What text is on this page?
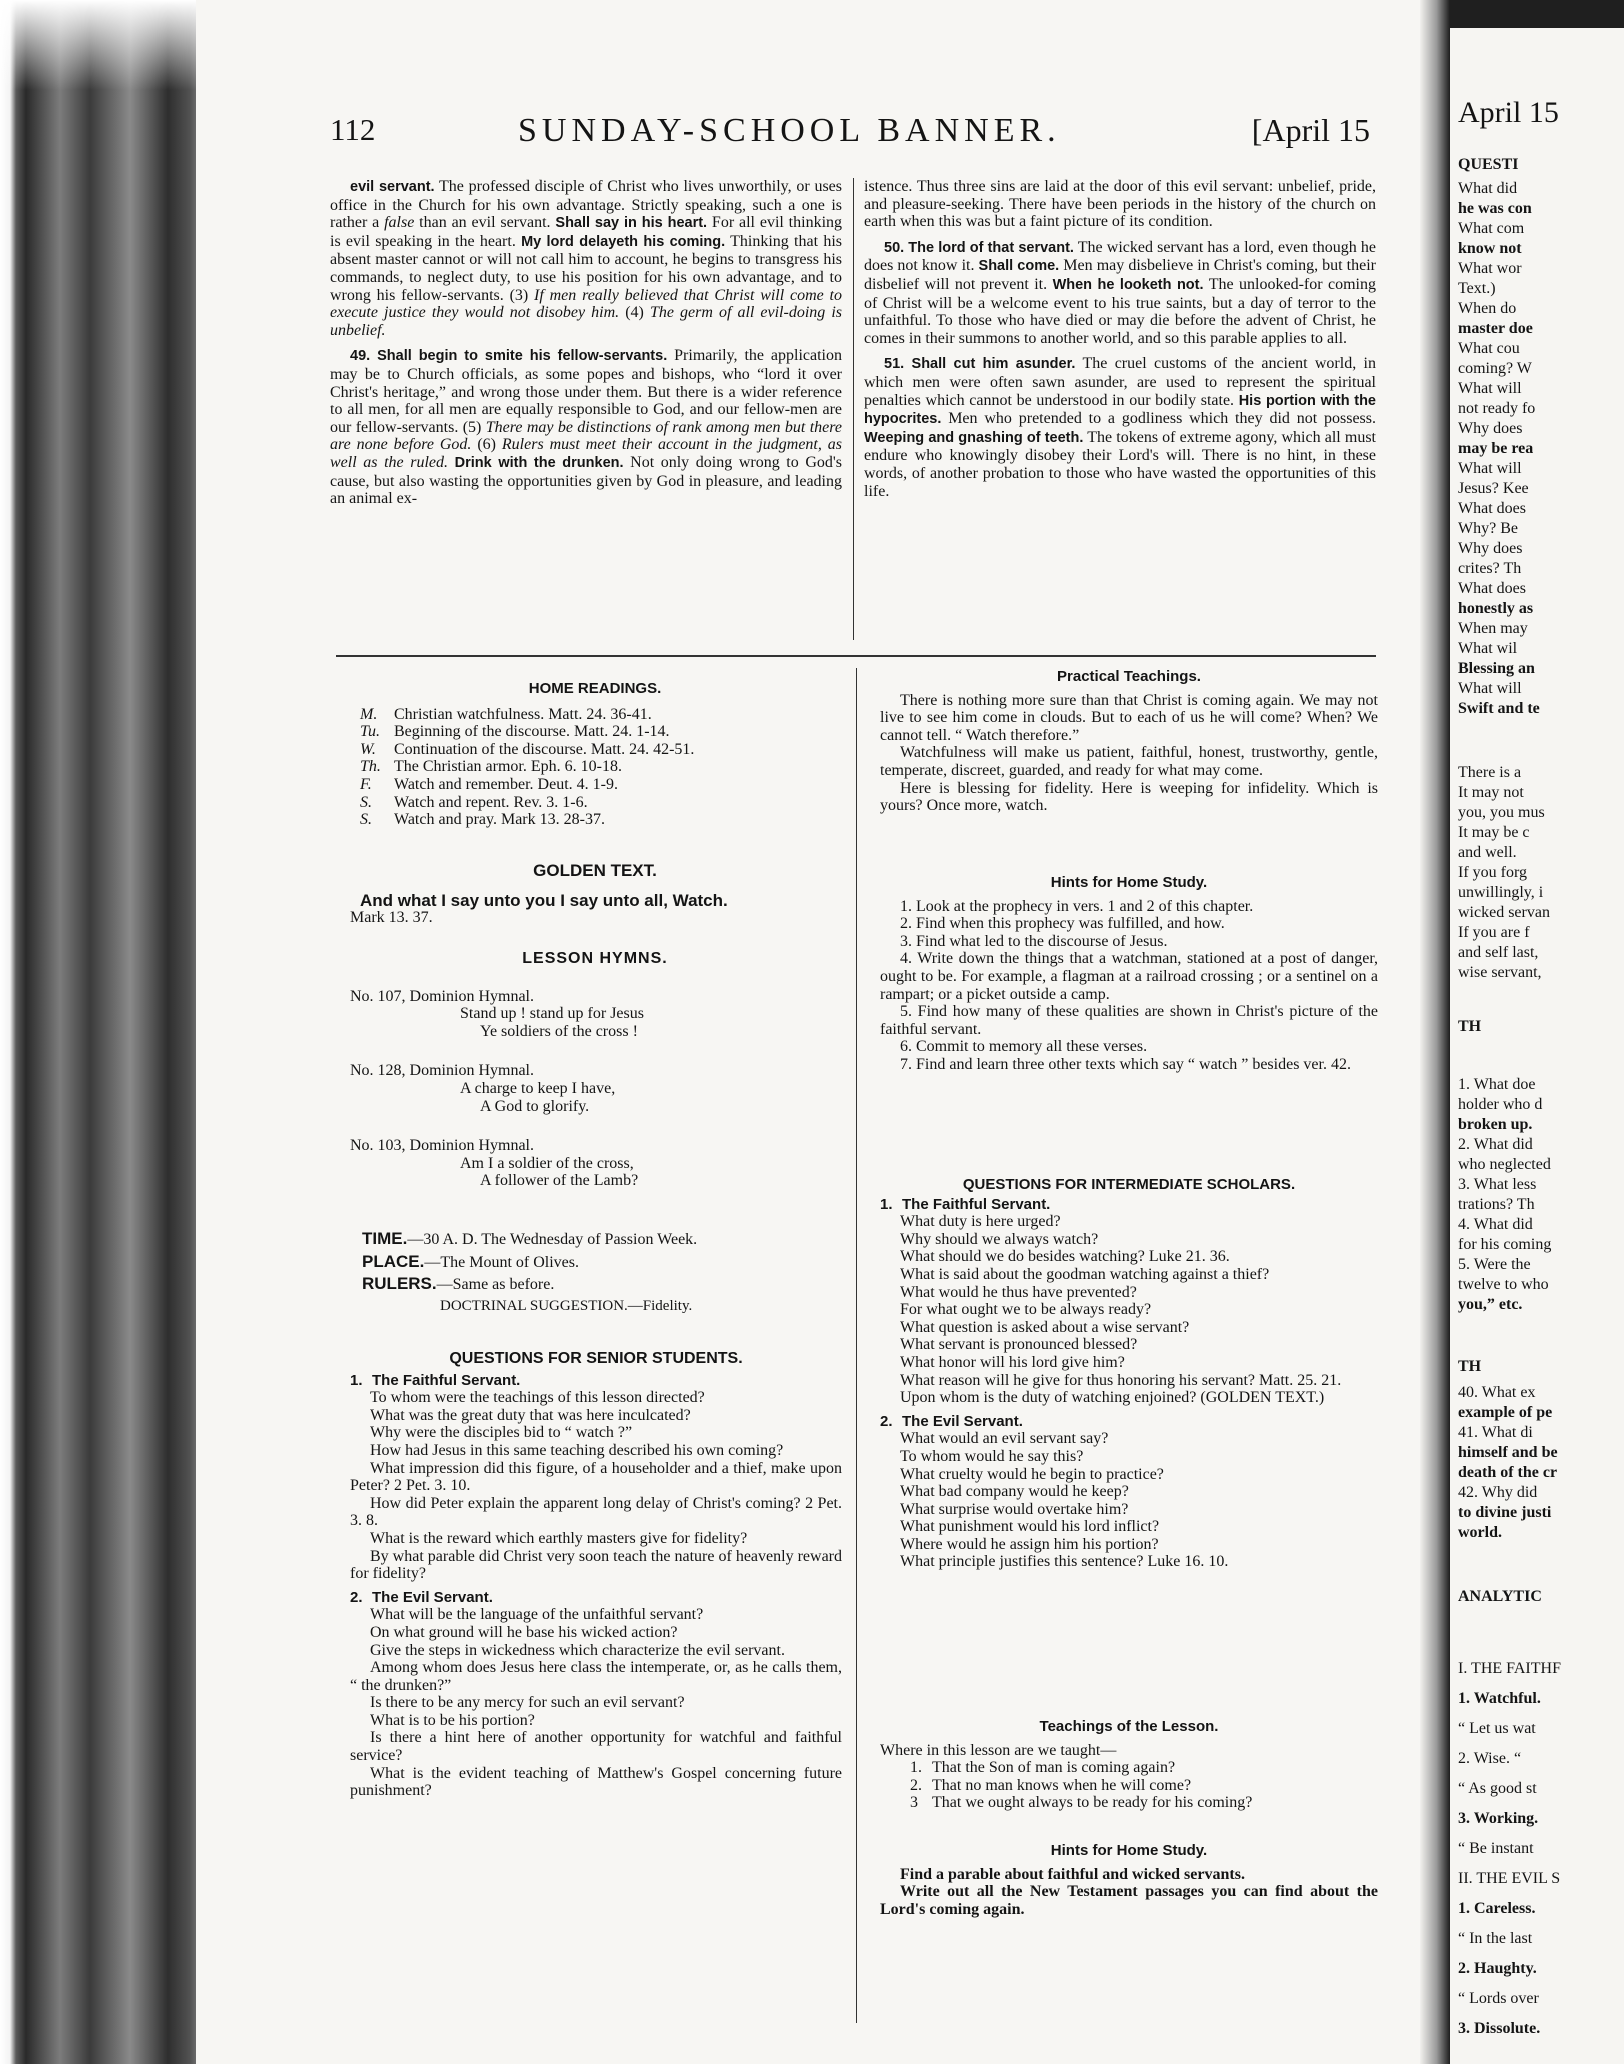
April 15
QUESTI
What did
he was con
What com
know not
What wor
Text.)
When do
master doe
What cou
coming? W
What will
not ready fo
Why does
may be rea
What will
Jesus? Kee
What does
Why? Be
Why does
crites? Th
What does
honestly as
When may
What wil
Blessing an
What will
Swift and te
There is a
It may not
you, you mus
It may be c
and well.
If you forg
unwillingly, i
wicked servan
If you are f
and self last,
wise servant,
TH
1. What doe
holder who d
broken up.
2. What did
who neglected
3. What less
trations? Th
4. What did
for his coming
5. Were the
twelve to who
you,” etc.
TH
40. What ex
example of pe
41. What di
himself and be
death of the cr
42. Why did
to divine justi
world.
ANALYTIC
I. THE FAITHF
1. Watchful.
“ Let us wat
2. Wise. “
“ As good st
3. Working.
“ Be instant
II. THE EVIL S
1. Careless.
“ In the last
2. Haughty.
“ Lords over
3. Dissolute.
112	SUNDAY-SCHOOL BANNER.	[April 15

evil servant. The professed disciple of Christ who lives unworthily, or uses office in the Church for his own advantage. Strictly speaking, such a one is rather a false than an evil servant. Shall say in his heart. For all evil thinking is evil speaking in the heart. My lord delayeth his coming. Thinking that his absent master cannot or will not call him to account, he begins to transgress his commands, to neglect duty, to use his position for his own advantage, and to wrong his fellow-servants. (3) If men really believed that Christ will come to execute justice they would not disobey him. (4) The germ of all evil-doing is unbelief.

49. Shall begin to smite his fellow-servants. Primarily, the application may be to Church officials, as some popes and bishops, who “lord it over Christ's heritage,” and wrong those under them. But there is a wider reference to all men, for all men are equally responsible to God, and our fellow-men are our fellow-servants. (5) There may be distinctions of rank among men but there are none before God. (6) Rulers must meet their account in the judgment, as well as the ruled. Drink with the drunken. Not only doing wrong to God's cause, but also wasting the opportunities given by God in pleasure, and leading an animal ex-

istence. Thus three sins are laid at the door of this evil servant: unbelief, pride, and pleasure-seeking. There have been periods in the history of the church on earth when this was but a faint picture of its condition.

50. The lord of that servant. The wicked servant has a lord, even though he does not know it. Shall come. Men may disbelieve in Christ's coming, but their disbelief will not prevent it. When he looketh not. The unlooked-for coming of Christ will be a welcome event to his true saints, but a day of terror to the unfaithful. To those who have died or may die before the advent of Christ, he comes in their summons to another world, and so this parable applies to all.

51. Shall cut him asunder. The cruel customs of the ancient world, in which men were often sawn asunder, are used to represent the spiritual penalties which cannot be understood in our bodily state. His portion with the hypocrites. Men who pretended to a godliness which they did not possess. Weeping and gnashing of teeth. The tokens of extreme agony, which all must endure who knowingly disobey their Lord's will. There is no hint, in these words, of another probation to those who have wasted the opportunities of this life.

HOME READINGS.
M. Christian watchfulness. Matt. 24. 36-41.
Tu. Beginning of the discourse. Matt. 24. 1-14.
W. Continuation of the discourse. Matt. 24. 42-51.
Th. The Christian armor. Eph. 6. 10-18.
F. Watch and remember. Deut. 4. 1-9.
S. Watch and repent. Rev. 3. 1-6.
S. Watch and pray. Mark 13. 28-37.
GOLDEN TEXT.
And what I say unto you I say unto all, Watch.
Mark 13. 37.
LESSON HYMNS.
No. 107, Dominion Hymnal.
Stand up ! stand up for Jesus
Ye soldiers of the cross !
No. 128, Dominion Hymnal.
A charge to keep I have,
A God to glorify.
No. 103, Dominion Hymnal.
Am I a soldier of the cross,
A follower of the Lamb?
TIME.—30 A. D. The Wednesday of Passion Week.
PLACE.—The Mount of Olives.
RULERS.—Same as before.
DOCTRINAL SUGGESTION.—Fidelity.
QUESTIONS FOR SENIOR STUDENTS.
1. The Faithful Servant.
To whom were the teachings of this lesson directed?
What was the great duty that was here inculcated?
Why were the disciples bid to “ watch ?”
How had Jesus in this same teaching described his own coming?
What impression did this figure, of a householder and a thief, make upon Peter? 2 Pet. 3. 10.
How did Peter explain the apparent long delay of Christ's coming? 2 Pet. 3. 8.
What is the reward which earthly masters give for fidelity?
By what parable did Christ very soon teach the nature of heavenly reward for fidelity?
2. The Evil Servant.
What will be the language of the unfaithful servant?
On what ground will he base his wicked action?
Give the steps in wickedness which characterize the evil servant.
Among whom does Jesus here class the intemperate, or, as he calls them, “ the drunken?”
Is there to be any mercy for such an evil servant?
What is to be his portion?
Is there a hint here of another opportunity for watchful and faithful service?
What is the evident teaching of Matthew's Gospel concerning future punishment?
Practical Teachings.
There is nothing more sure than that Christ is coming again. We may not live to see him come in clouds. But to each of us he will come? When? We cannot tell. “ Watch therefore.”
Watchfulness will make us patient, faithful, honest, trustworthy, gentle, temperate, discreet, guarded, and ready for what may come.
Here is blessing for fidelity. Here is weeping for infidelity. Which is yours? Once more, watch.
Hints for Home Study.
1. Look at the prophecy in vers. 1 and 2 of this chapter.
2. Find when this prophecy was fulfilled, and how.
3. Find what led to the discourse of Jesus.
4. Write down the things that a watchman, stationed at a post of danger, ought to be. For example, a flagman at a railroad crossing ; or a sentinel on a rampart; or a picket outside a camp.
5. Find how many of these qualities are shown in Christ's picture of the faithful servant.
6. Commit to memory all these verses.
7. Find and learn three other texts which say “ watch ” besides ver. 42.
QUESTIONS FOR INTERMEDIATE SCHOLARS.
1. The Faithful Servant.
What duty is here urged?
Why should we always watch?
What should we do besides watching? Luke 21. 36.
What is said about the goodman watching against a thief?
What would he thus have prevented?
For what ought we to be always ready?
What question is asked about a wise servant?
What servant is pronounced blessed?
What honor will his lord give him?
What reason will he give for thus honoring his servant? Matt. 25. 21.
Upon whom is the duty of watching enjoined? (GOLDEN TEXT.)
2. The Evil Servant.
What would an evil servant say?
To whom would he say this?
What cruelty would he begin to practice?
What bad company would he keep?
What surprise would overtake him?
What punishment would his lord inflict?
Where would he assign him his portion?
What principle justifies this sentence? Luke 16. 10.
Teachings of the Lesson.
Where in this lesson are we taught—
1. That the Son of man is coming again?
2. That no man knows when he will come?
3 That we ought always to be ready for his coming?
Hints for Home Study.
Find a parable about faithful and wicked servants.
Write out all the New Testament passages you can find about the Lord's coming again.
